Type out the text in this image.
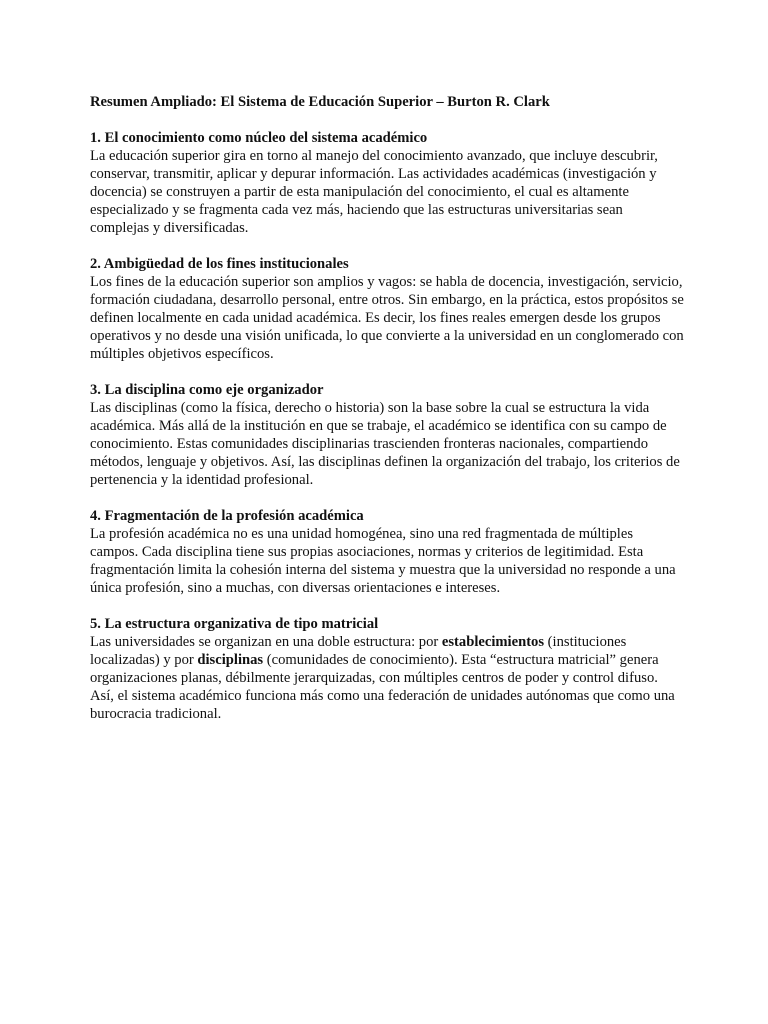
Resumen Ampliado: El Sistema de Educación Superior – Burton R. Clark

1. El conocimiento como núcleo del sistema académico

La educación superior gira en torno al manejo del conocimiento avanzado, que incluye descubrir, conservar, transmitir, aplicar y depurar información. Las actividades académicas (investigación y docencia) se construyen a partir de esta manipulación del conocimiento, el cual es altamente especializado y se fragmenta cada vez más, haciendo que las estructuras universitarias sean complejas y diversificadas.

2. Ambigüedad de los fines institucionales

Los fines de la educación superior son amplios y vagos: se habla de docencia, investigación, servicio, formación ciudadana, desarrollo personal, entre otros. Sin embargo, en la práctica, estos propósitos se definen localmente en cada unidad académica. Es decir, los fines reales emergen desde los grupos operativos y no desde una visión unificada, lo que convierte a la universidad en un conglomerado con múltiples objetivos específicos.

3. La disciplina como eje organizador

Las disciplinas (como la física, derecho o historia) son la base sobre la cual se estructura la vida académica. Más allá de la institución en que se trabaje, el académico se identifica con su campo de conocimiento. Estas comunidades disciplinarias trascienden fronteras nacionales, compartiendo métodos, lenguaje y objetivos. Así, las disciplinas definen la organización del trabajo, los criterios de pertenencia y la identidad profesional.

4. Fragmentación de la profesión académica

La profesión académica no es una unidad homogénea, sino una red fragmentada de múltiples campos. Cada disciplina tiene sus propias asociaciones, normas y criterios de legitimidad. Esta fragmentación limita la cohesión interna del sistema y muestra que la universidad no responde a una única profesión, sino a muchas, con diversas orientaciones e intereses.

5. La estructura organizativa de tipo matricial

Las universidades se organizan en una doble estructura: por establecimientos (instituciones localizadas) y por disciplinas (comunidades de conocimiento). Esta “estructura matricial” genera organizaciones planas, débilmente jerarquizadas, con múltiples centros de poder y control difuso. Así, el sistema académico funciona más como una federación de unidades autónomas que como una burocracia tradicional.
